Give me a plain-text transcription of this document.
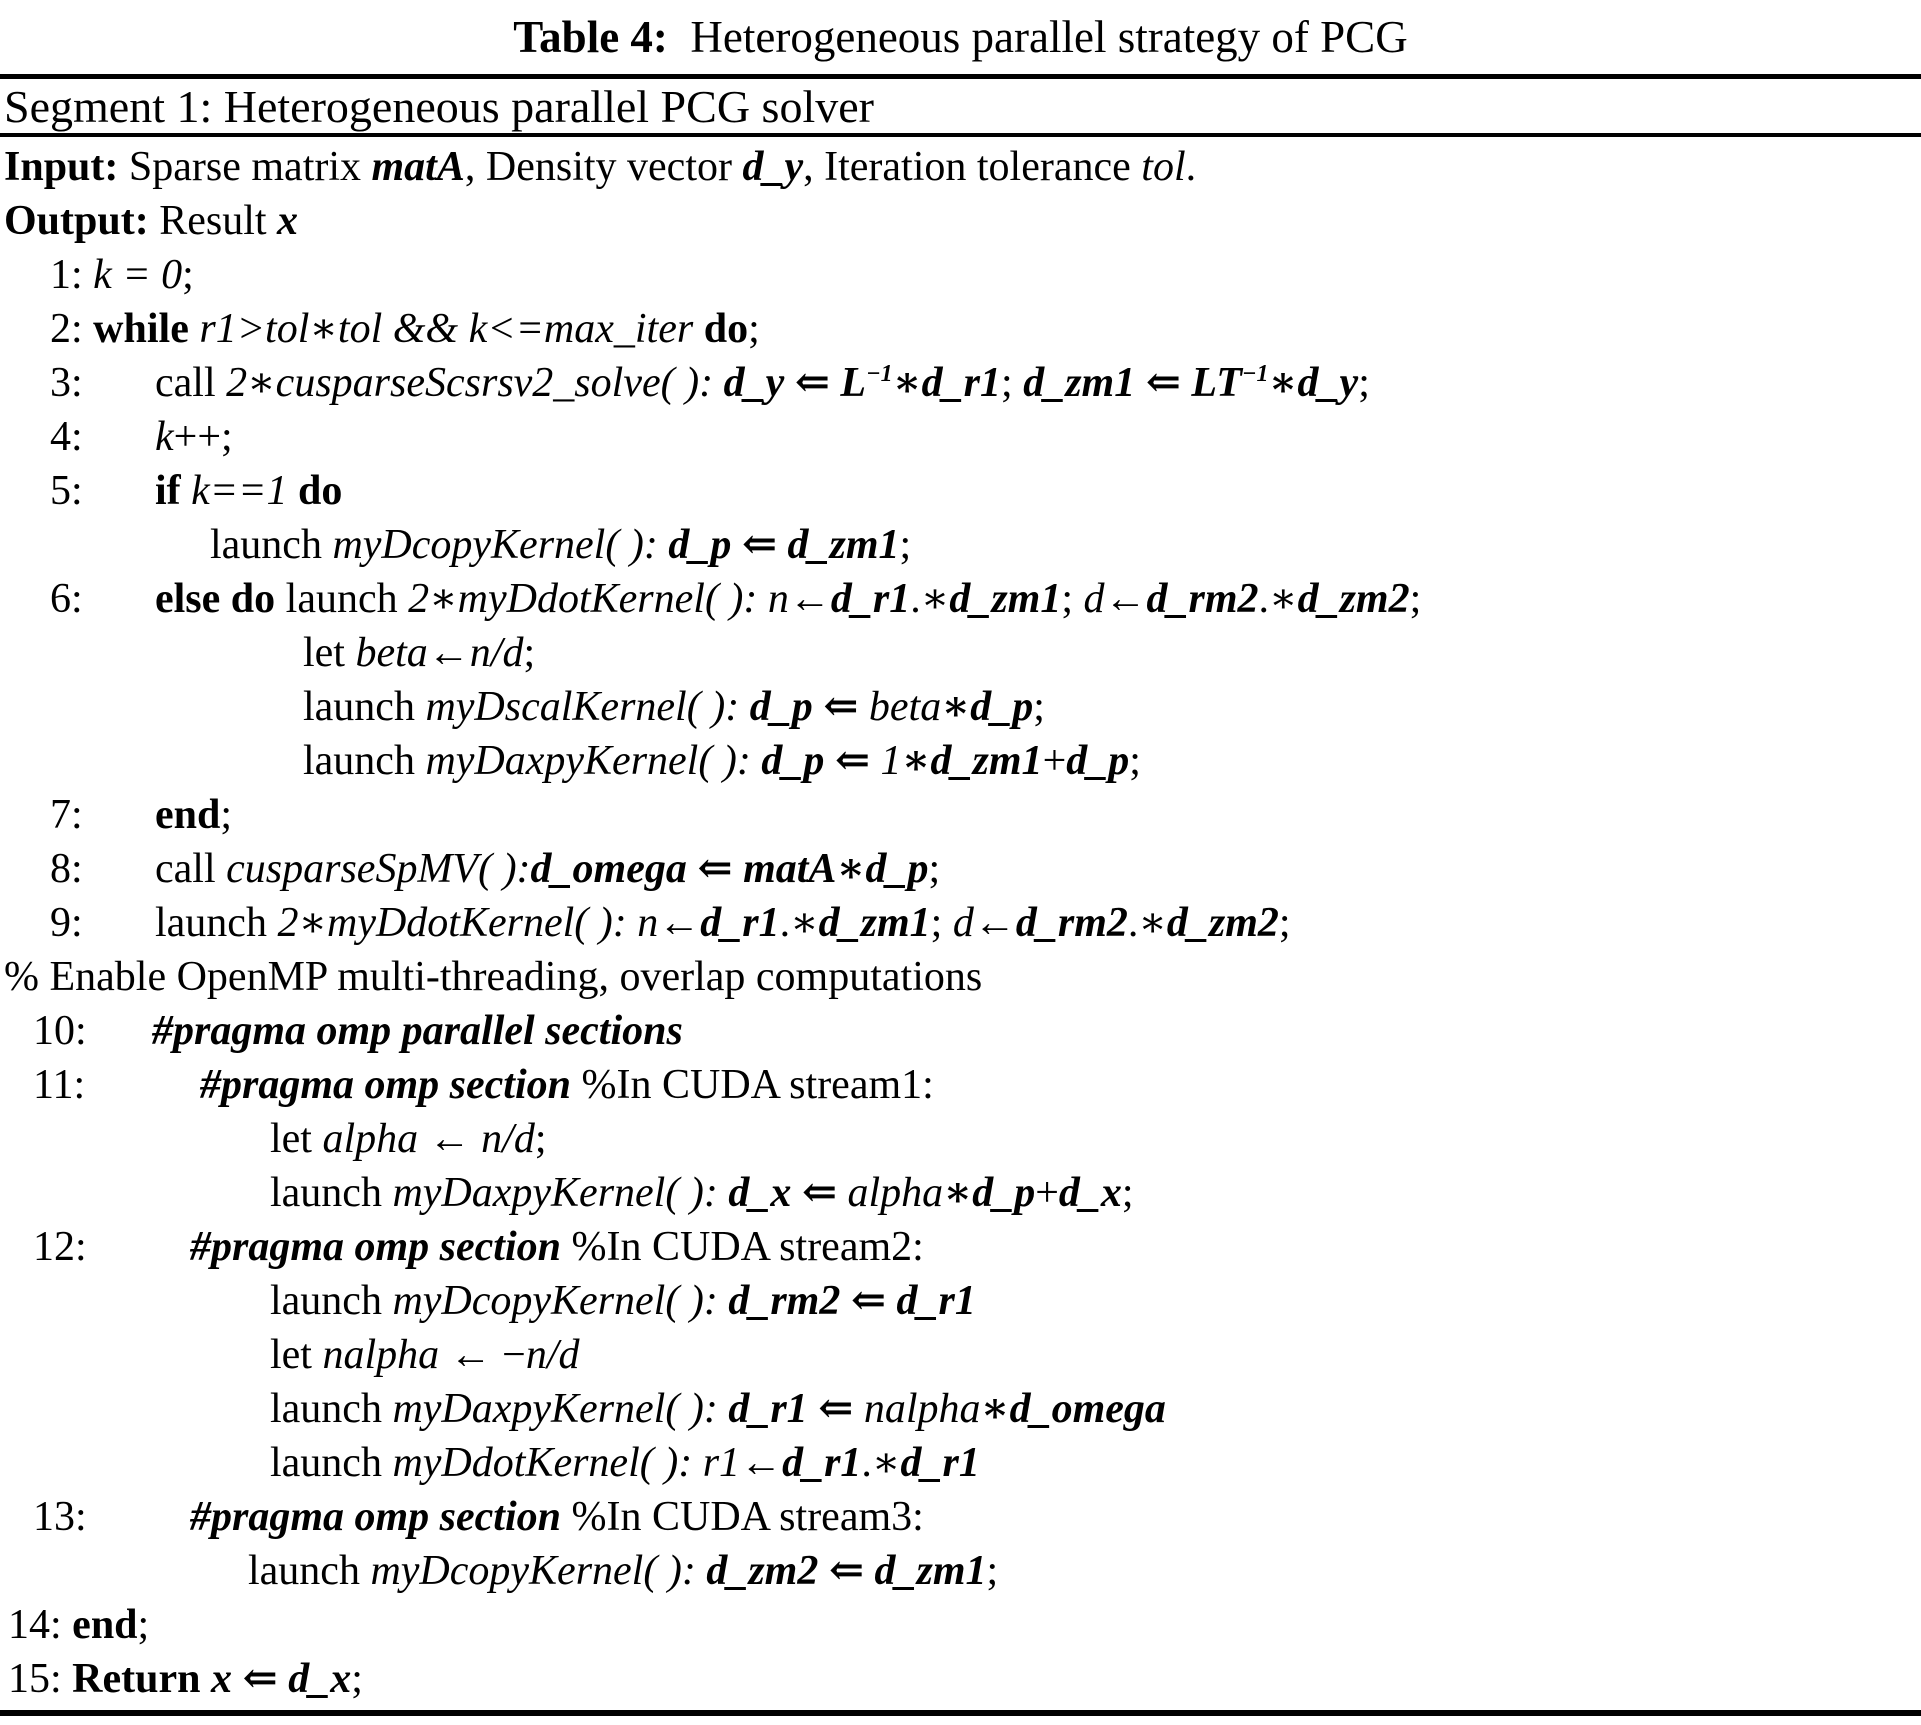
Table 4:  Heterogeneous parallel strategy of PCG
Segment 1: Heterogeneous parallel PCG solver
Input: Sparse matrix matA, Density vector d_y, Iteration tolerance tol.
Output: Result x
1: k = 0;
2: while r1>tol∗tol && k<=max_iter do;
3: call 2∗cusparseScsrsv2_solve( ): d_y ⇐ $L^{-1}∗d\_r1$; d_zm1 ⇐ $LT^{-1}∗d\_y$;
4: k++;
5: if k==1 do
launch myDcopyKernel( ): d_p ⇐ d_zm1;
6: else do launch 2∗myDdotKernel( ): n←d_r1.∗d_zm1; d←d_rm2.∗d_zm2;
let beta←n/d;
launch myDscalKernel( ): d_p ⇐ beta∗d_p;
launch myDaxpyKernel( ): d_p ⇐ 1∗d_zm1+d_p;
7: end;
8: call cusparseSpMV( ):d_omega ⇐ matA∗d_p;
9: launch 2∗myDdotKernel( ): n←d_r1.∗d_zm1; d←d_rm2.∗d_zm2;
% Enable OpenMP multi-threading, overlap computations
10: #pragma omp parallel sections
11:	#pragma omp section %In CUDA stream1:
let alpha ← n/d;
launch myDaxpyKernel( ): d_x ⇐ alpha∗d_p+d_x;
12: #pragma omp section %In CUDA stream2:
launch myDcopyKernel( ): d_rm2 ⇐ d_r1
let nalpha ← −n/d
launch myDaxpyKernel( ): d_r1 ⇐ nalpha∗d_omega
launch myDdotKernel( ): r1←d_r1.∗d_r1
13: #pragma omp section %In CUDA stream3:
launch myDcopyKernel( ): d_zm2 ⇐ d_zm1;
14: end;
15: Return x ⇐ d_x;
